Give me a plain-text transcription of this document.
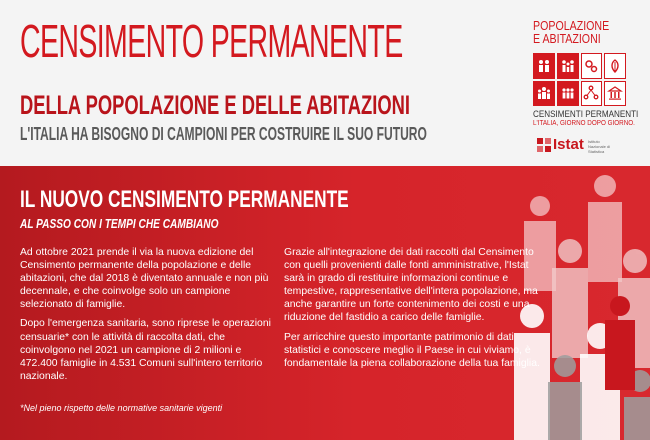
CENSIMENTO PERMANENTE
DELLA POPOLAZIONE E DELLE ABITAZIONI
L'ITALIA HA BISOGNO DI CAMPIONI PER COSTRUIRE IL SUO FUTURO
POPOLAZIONE
E ABITAZIONI
CENSIMENTI PERMANENTI
L'ITALIA, GIORNO DOPO GIORNO.
Istat Istituto Nazionale di Statistica
IL NUOVO CENSIMENTO PERMANENTE
AL PASSO CON I TEMPI CHE CAMBIANO

Ad ottobre 2021 prende il via la nuova edizione del Censimento permanente della popolazione e delle abitazioni, che dal 2018 è diventato annuale e non più decennale, e che coinvolge solo un campione selezionato di famiglie.

Dopo l'emergenza sanitaria, sono riprese le operazioni censuarie* con le attività di raccolta dati, che coinvolgono nel 2021 un campione di 2 milioni e 472.400 famiglie in 4.531 Comuni sull'intero territorio nazionale.

Grazie all'integrazione dei dati raccolti dal Censimento con quelli provenienti dalle fonti amministrative, l'Istat sarà in grado di restituire informazioni continue e tempestive, rappresentative dell'intera popolazione, ma anche garantire un forte contenimento dei costi e una riduzione del fastidio a carico delle famiglie.

Per arricchire questo importante patrimonio di dati statistici e conoscere meglio il Paese in cui viviamo, è fondamentale la piena collaborazione della tua famiglia.

*Nel pieno rispetto delle normative sanitarie vigenti
